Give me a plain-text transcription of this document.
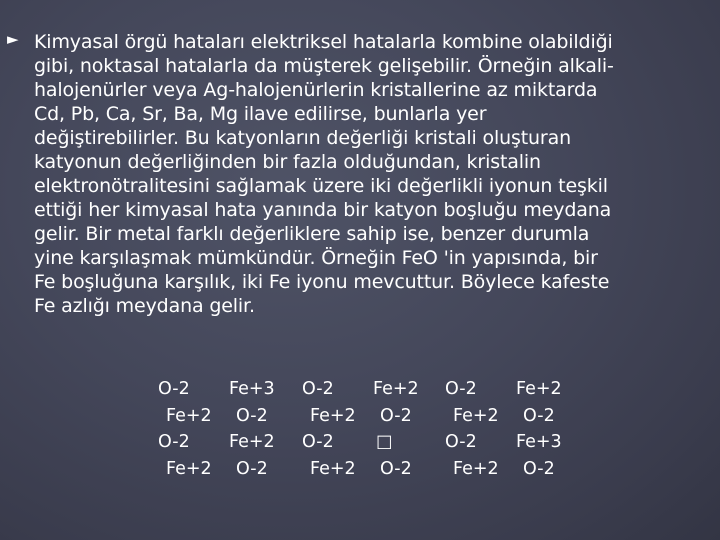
► Kimyasal örgü hataları elektriksel hatalarla kombine olabildiği
gibi, noktasal hatalarla da müşterek gelişebilir. Örneğin alkali-
halojenürler veya Ag-halojenürlerin kristallerine az miktarda
Cd, Pb, Ca, Sr, Ba, Mg ilave edilirse, bunlarla yer
değiştirebilirler. Bu katyonların değerliği kristali oluşturan
katyonun değerliğinden bir fazla olduğundan, kristalin
elektronötralitesini sağlamak üzere iki değerlikli iyonun teşkil
ettiği her kimyasal hata yanında bir katyon boşluğu meydana
gelir. Bir metal farklı değerliklere sahip ise, benzer durumla
yine karşılaşmak mümkündür. Örneğin FeO 'in yapısında, bir
Fe boşluğuna karşılık, iki Fe iyonu mevcuttur. Böylece kafeste
Fe azlığı meydana gelir.
O-2 Fe+3
Fe+2 O-2
O-2 Fe+2
Fe+2 O-2
O-2 Fe+2
Fe+2 O-2
O-2 □
Fe+2 O-2
O-2 Fe+2
Fe+2 O-2
O-2 Fe+3
Fe+2 O-2
